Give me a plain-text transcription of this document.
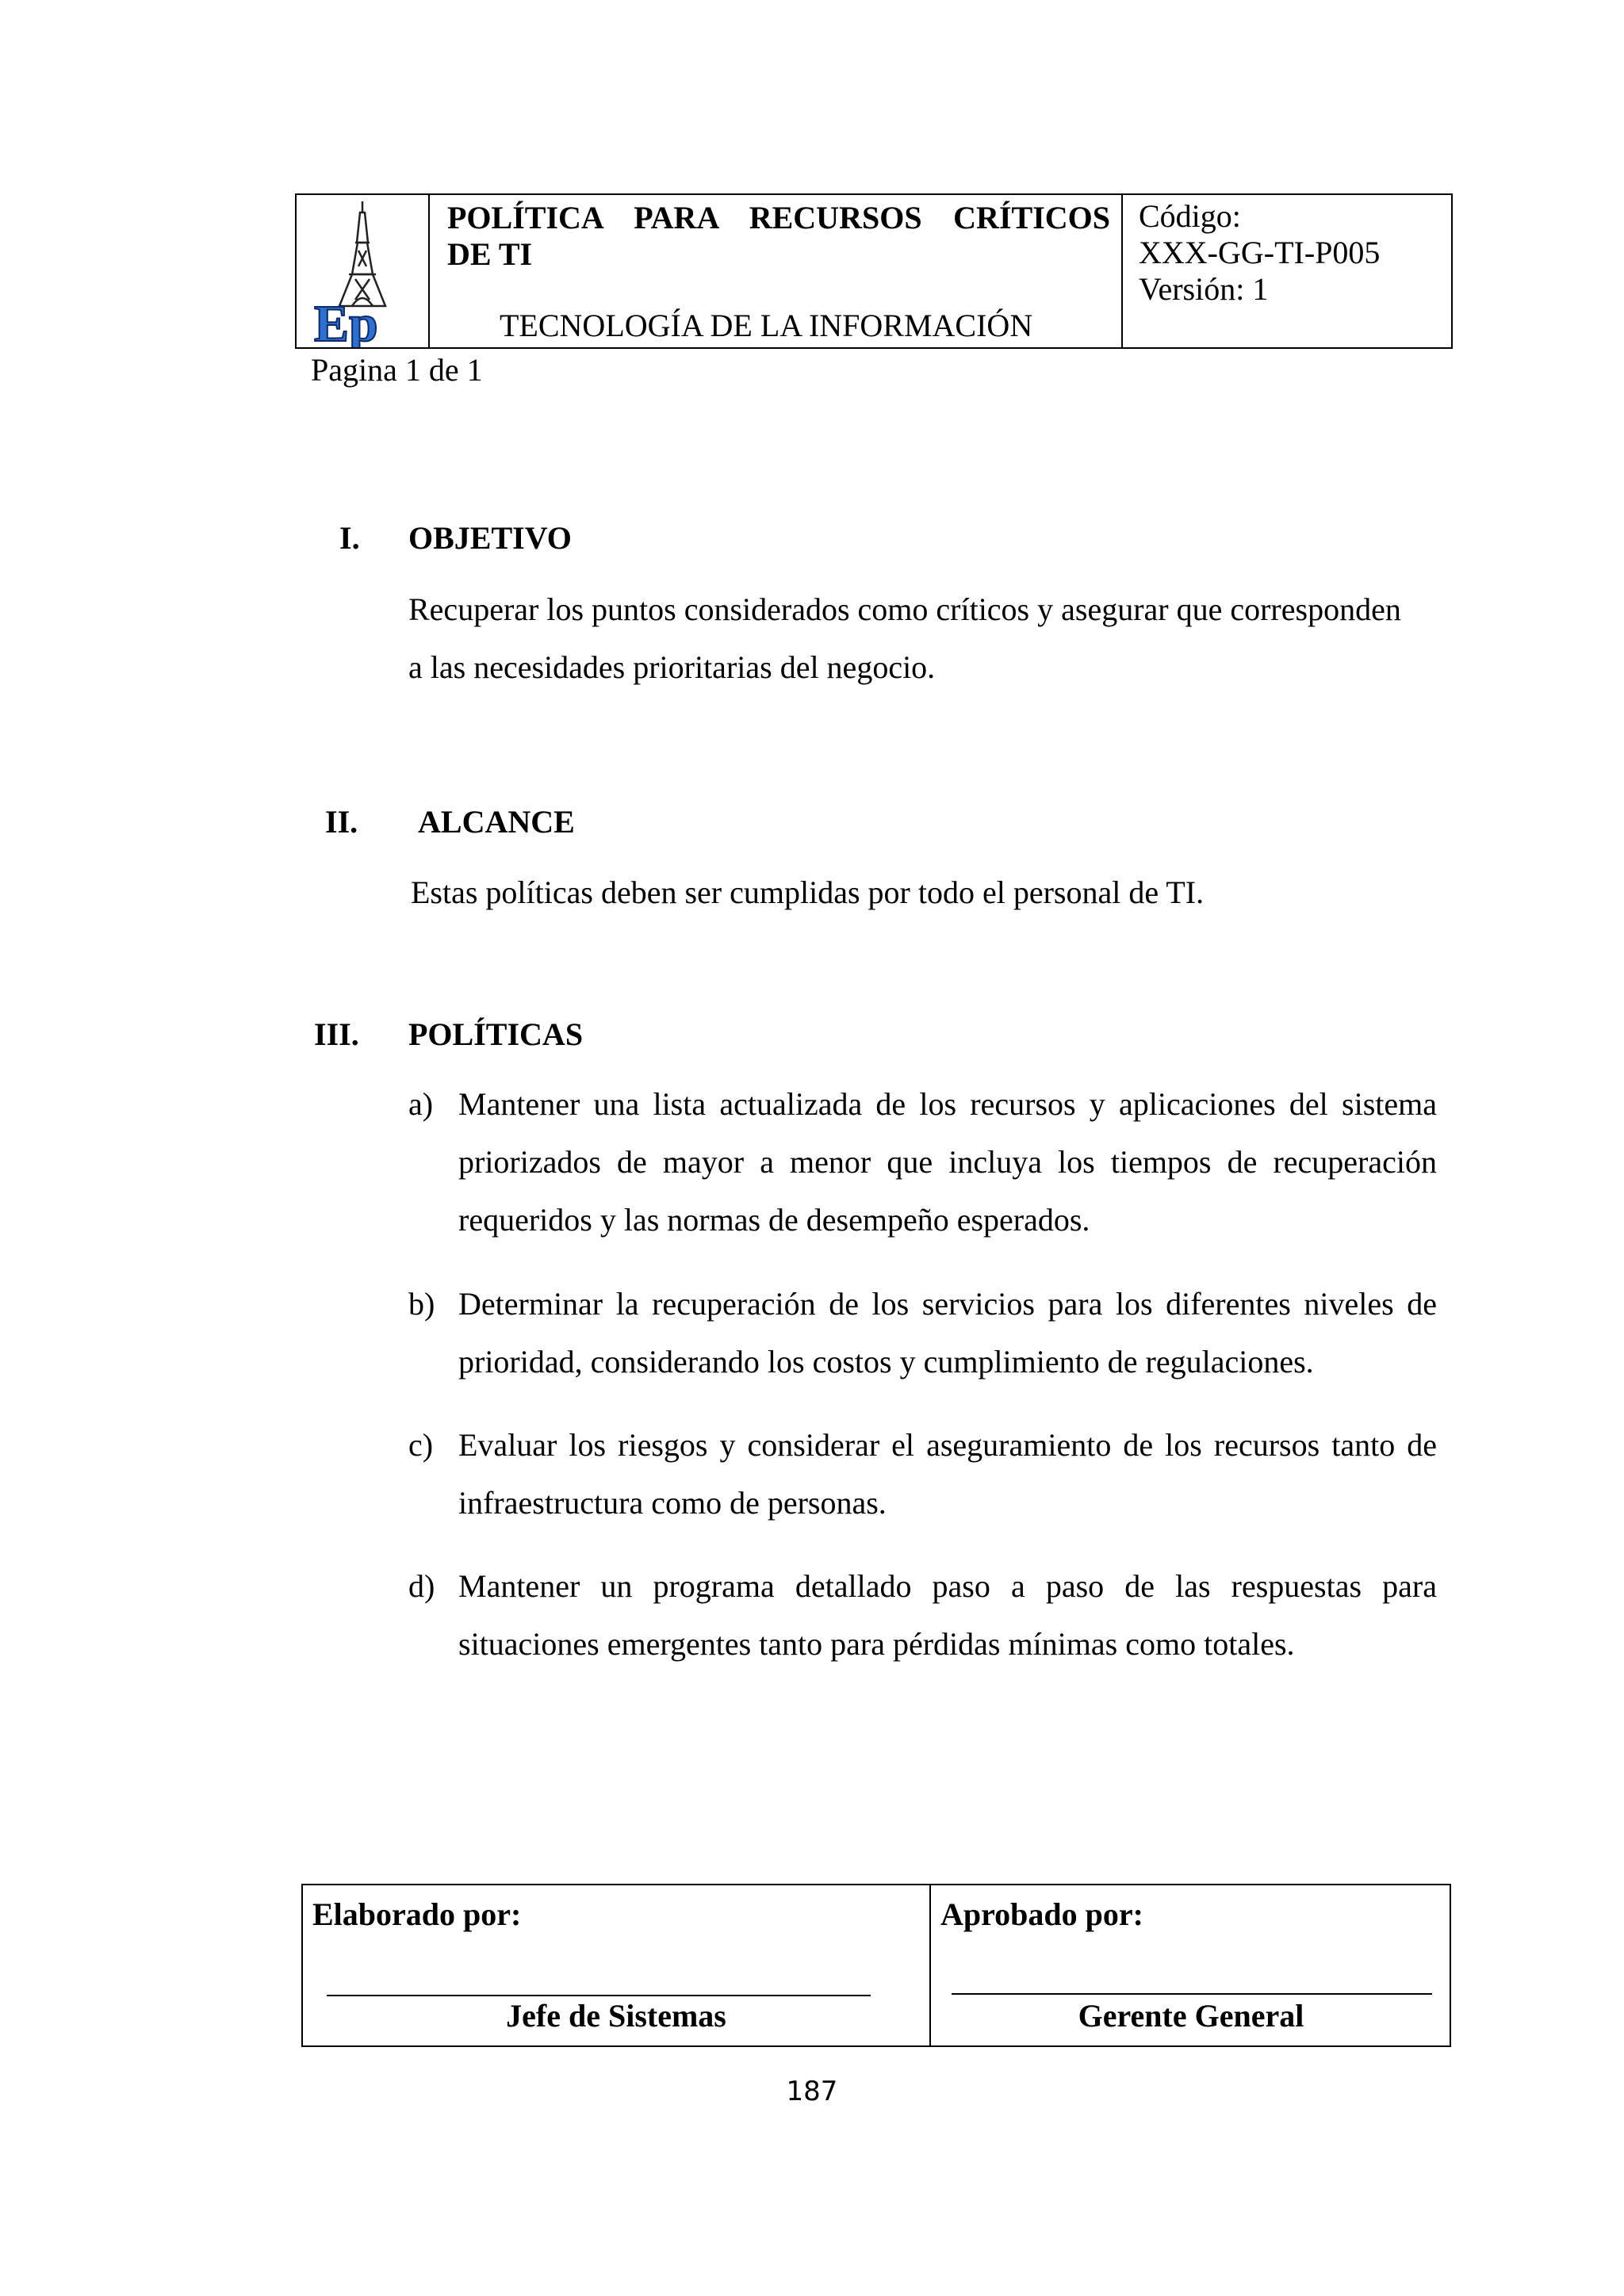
Ep
POLÍTICA PARA RECURSOS CRÍTICOS
DE TI
TECNOLOGÍA DE LA INFORMACIÓN
Código:
XXX-GG-TI-P005
Versión: 1
Pagina 1 de 1
I. OBJETIVO
Recuperar los puntos considerados como críticos y asegurar que corresponden
a las necesidades prioritarias del negocio.
II. ALCANCE
Estas políticas deben ser cumplidas por todo el personal de TI.
III. POLÍTICAS
a) Mantener una lista actualizada de los recursos y aplicaciones del sistema priorizados de mayor a menor que incluya los tiempos de recuperación requeridos y las normas de desempeño esperados.
b) Determinar la recuperación de los servicios para los diferentes niveles de prioridad, considerando los costos y cumplimiento de regulaciones.
c) Evaluar los riesgos y considerar el aseguramiento de los recursos tanto de infraestructura como de personas.
d) Mantener un programa detallado paso a paso de las respuestas para situaciones emergentes tanto para pérdidas mínimas como totales.
Elaborado por:
Jefe de Sistemas
Aprobado por:
Gerente General
187
